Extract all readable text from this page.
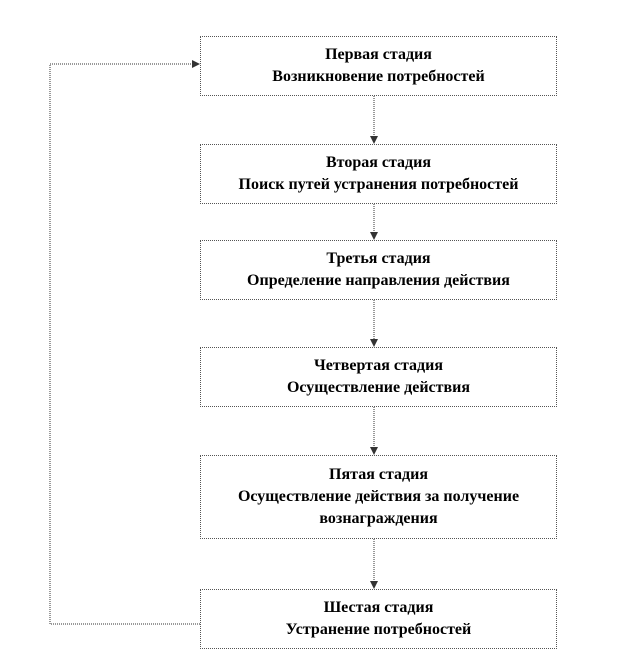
Первая стадия
Возникновение потребностей
Вторая стадия
Поиск путей устранения потребностей
Третья стадия
Определение направления действия
Четвертая стадия
Осуществление действия
Пятая стадия
Осуществление действия за получение
вознаграждения
Шестая стадия
Устранение потребностей
